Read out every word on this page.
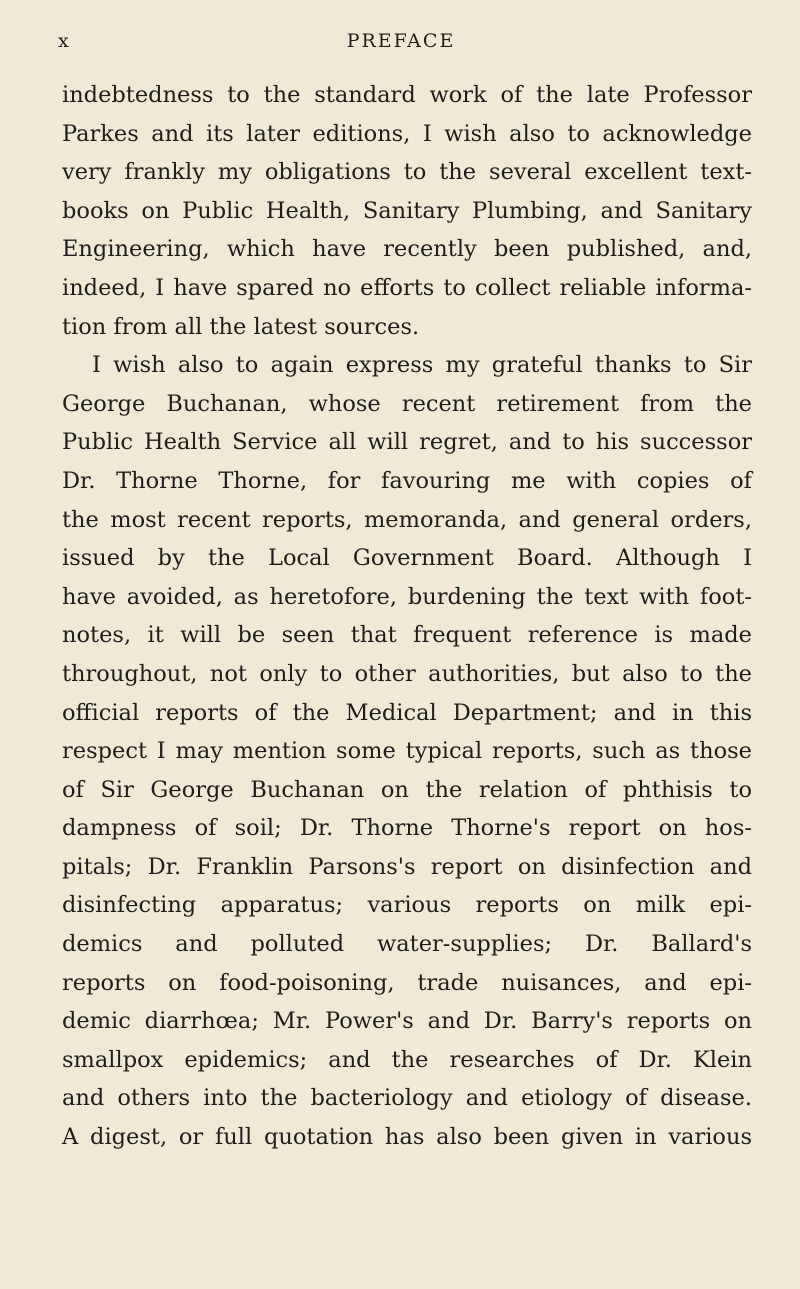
x	PREFACE
indebtedness to the standard work of the late Professor
Parkes and its later editions, I wish also to acknowledge
very frankly my obligations to the several excellent text-
books on Public Health, Sanitary Plumbing, and Sanitary
Engineering, which have recently been published, and,
indeed, I have spared no efforts to collect reliable informa-
tion from all the latest sources.
I wish also to again express my grateful thanks to Sir
George Buchanan, whose recent retirement from the
Public Health Service all will regret, and to his successor
Dr. Thorne Thorne, for favouring me with copies of
the most recent reports, memoranda, and general orders,
issued by the Local Government Board. Although I
have avoided, as heretofore, burdening the text with foot-
notes, it will be seen that frequent reference is made
throughout, not only to other authorities, but also to the
official reports of the Medical Department; and in this
respect I may mention some typical reports, such as those
of Sir George Buchanan on the relation of phthisis to
dampness of soil; Dr. Thorne Thorne's report on hos-
pitals; Dr. Franklin Parsons's report on disinfection and
disinfecting apparatus; various reports on milk epi-
demics and polluted water-supplies; Dr. Ballard's
reports on food-poisoning, trade nuisances, and epi-
demic diarrhœa; Mr. Power's and Dr. Barry's reports on
smallpox epidemics; and the researches of Dr. Klein
and others into the bacteriology and etiology of disease.
A digest, or full quotation has also been given in various
